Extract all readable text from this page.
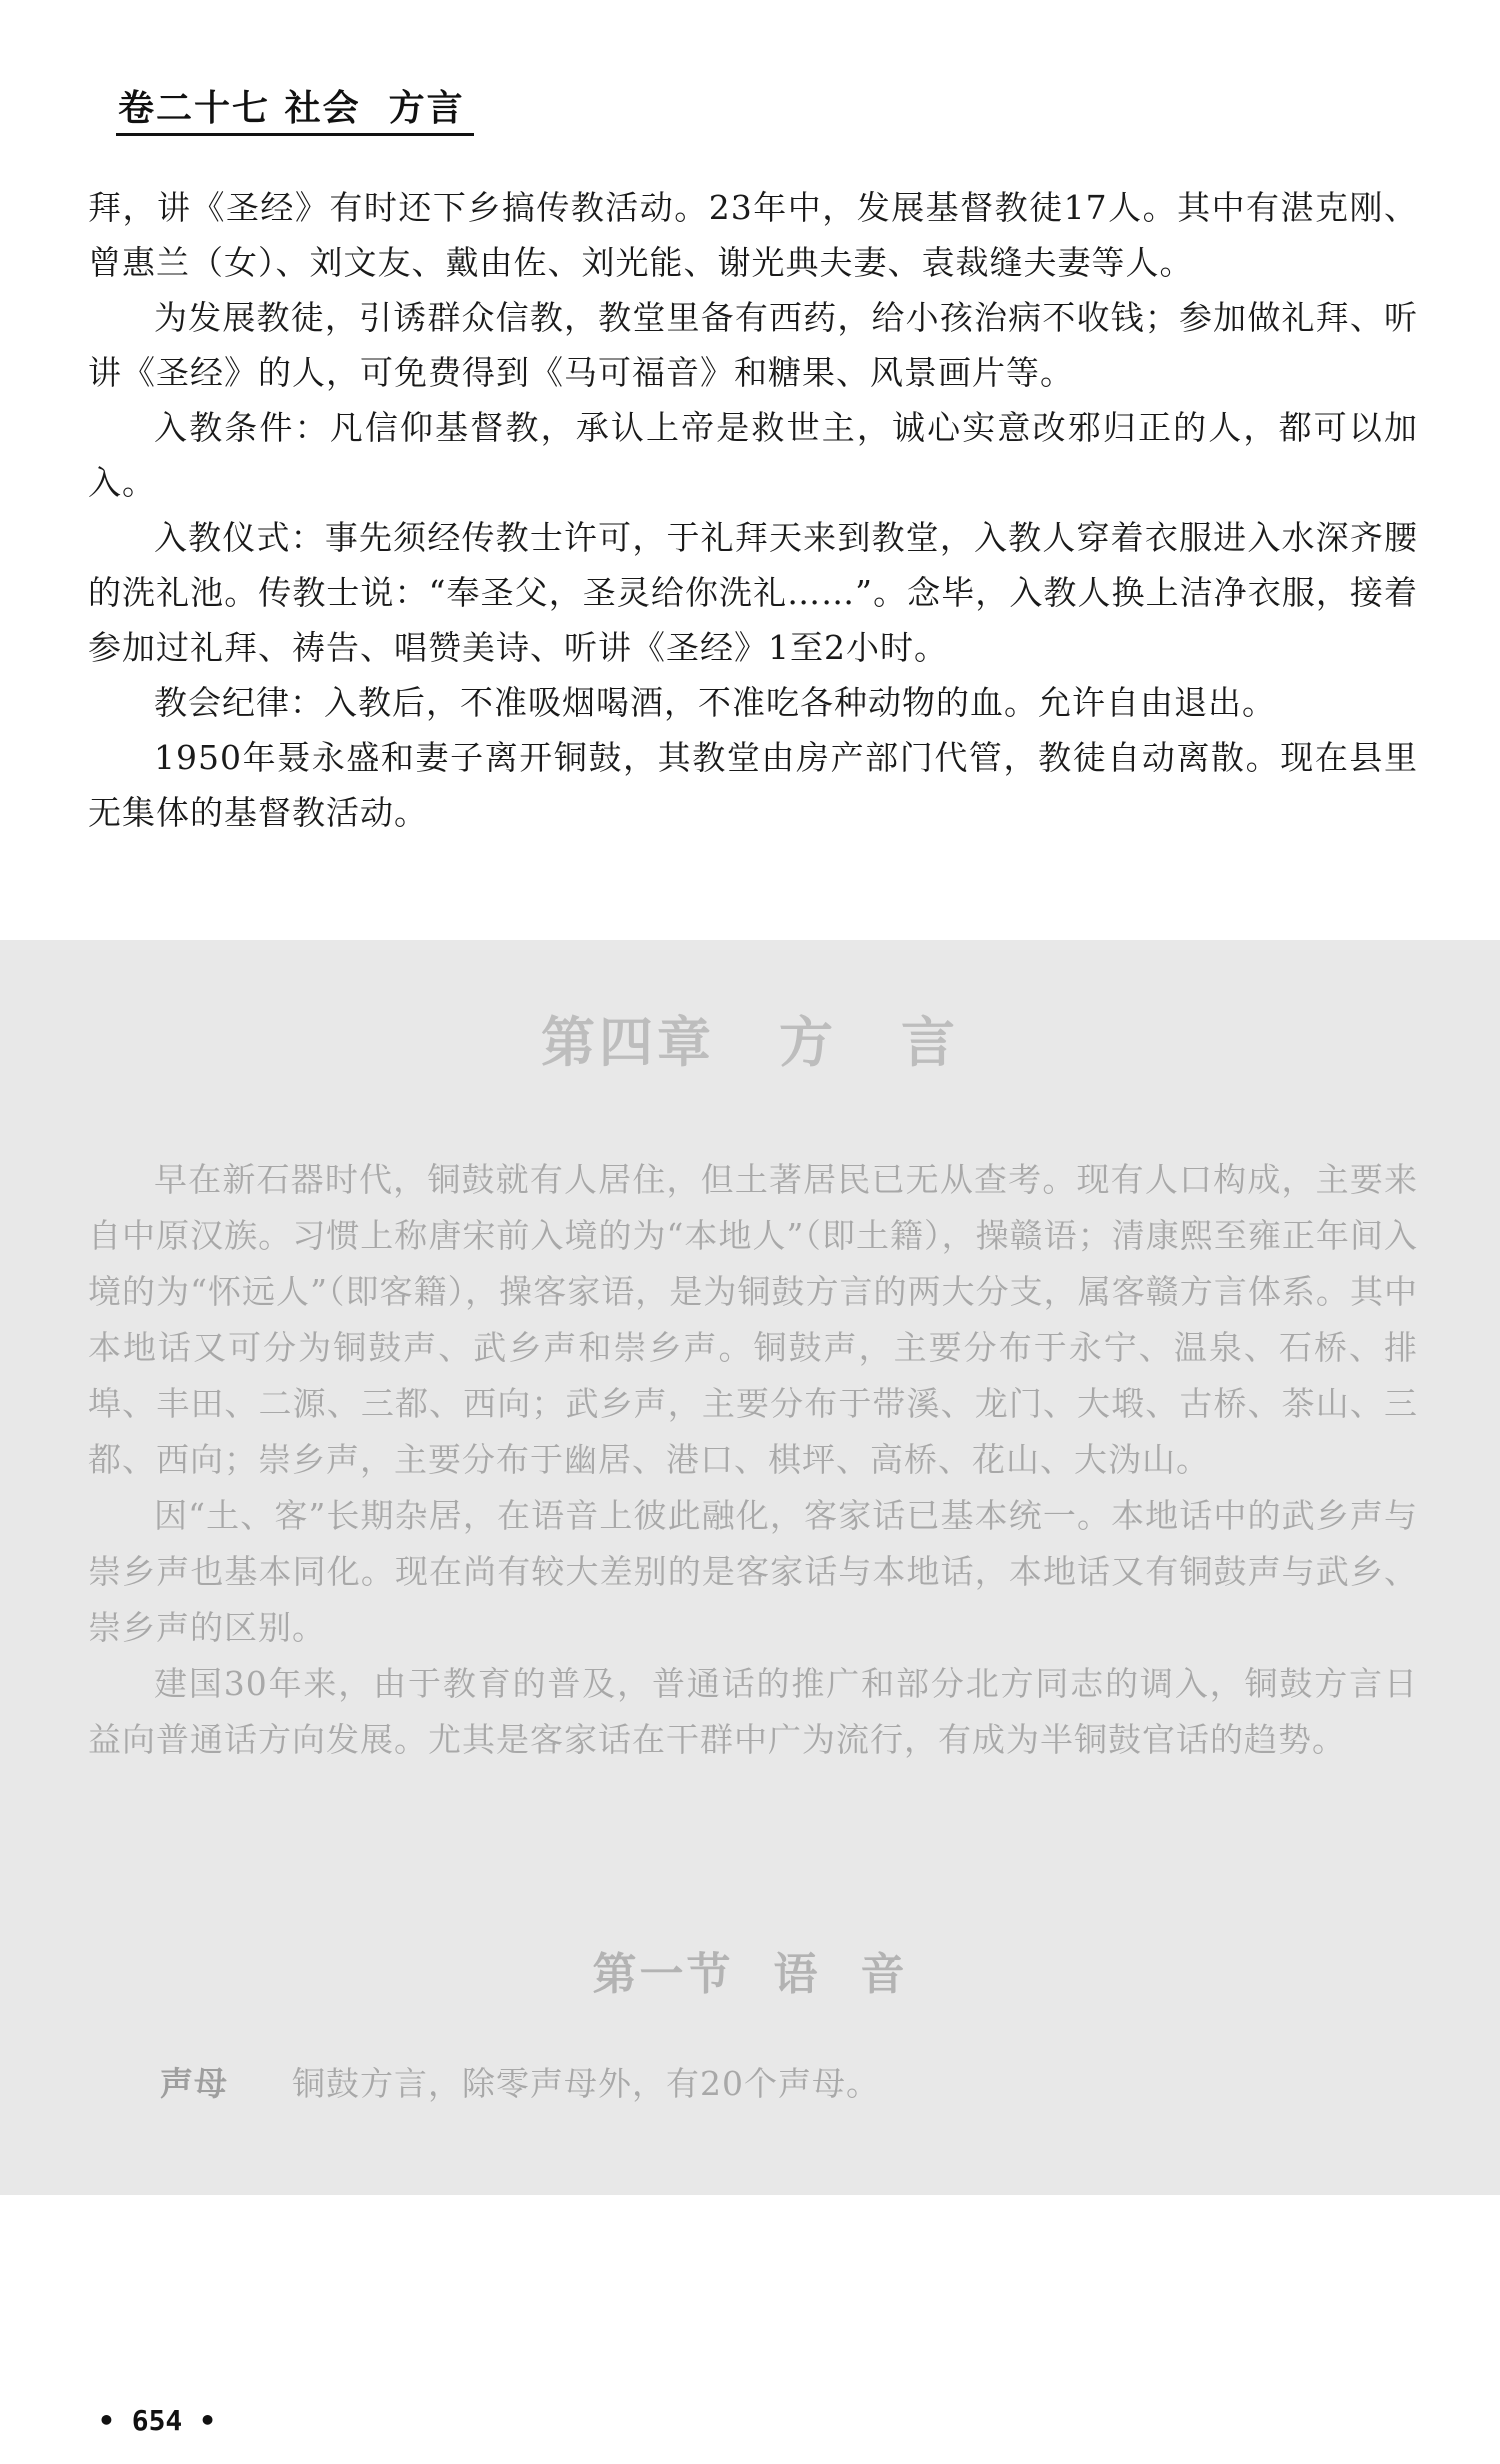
卷二十七 社会 方言

拜，讲《圣经》有时还下乡搞传教活动。23年中，发展基督教徒17人。其中有湛克刚、曾惠兰（女）、刘文友、戴由佐、刘光能、谢光典夫妻、袁裁缝夫妻等人。

为发展教徒，引诱群众信教，教堂里备有西药，给小孩治病不收钱；参加做礼拜、听讲《圣经》的人，可免费得到《马可福音》和糖果、风景画片等。

入教条件：凡信仰基督教，承认上帝是救世主，诚心实意改邪归正的人，都可以加入。

入教仪式：事先须经传教士许可，于礼拜天来到教堂，入教人穿着衣服进入水深齐腰的洗礼池。传教士说：“奉圣父，圣灵给你洗礼……”。念毕，入教人换上洁净衣服，接着参加过礼拜、祷告、唱赞美诗、听讲《圣经》1至2小时。

教会纪律：入教后，不准吸烟喝酒，不准吃各种动物的血。允许自由退出。

1950年聂永盛和妻子离开铜鼓，其教堂由房产部门代管，教徒自动离散。现在县里无集体的基督教活动。

第四章 方 言

早在新石器时代，铜鼓就有人居住，但土著居民已无从查考。现有人口构成，主要来自中原汉族。习惯上称唐宋前入境的为“本地人”（即土籍），操赣语；清康熙至雍正年间入境的为“怀远人”（即客籍），操客家语，是为铜鼓方言的两大分支，属客赣方言体系。其中本地话又可分为铜鼓声、武乡声和崇乡声。铜鼓声，主要分布于永宁、温泉、石桥、排埠、丰田、二源、三都、西向；武乡声，主要分布于带溪、龙门、大塅、古桥、茶山、三都、西向；崇乡声，主要分布于幽居、港口、棋坪、高桥、花山、大沩山。

因“土、客”长期杂居，在语音上彼此融化，客家话已基本统一。本地话中的武乡声与崇乡声也基本同化。现在尚有较大差别的是客家话与本地话，本地话又有铜鼓声与武乡、崇乡声的区别。

建国30年来，由于教育的普及，普通话的推广和部分北方同志的调入，铜鼓方言日益向普通话方向发展。尤其是客家话在干群中广为流行，有成为半铜鼓官话的趋势。

第一节 语 音
声母 铜鼓方言，除零声母外，有20个声母。
• 654 •
